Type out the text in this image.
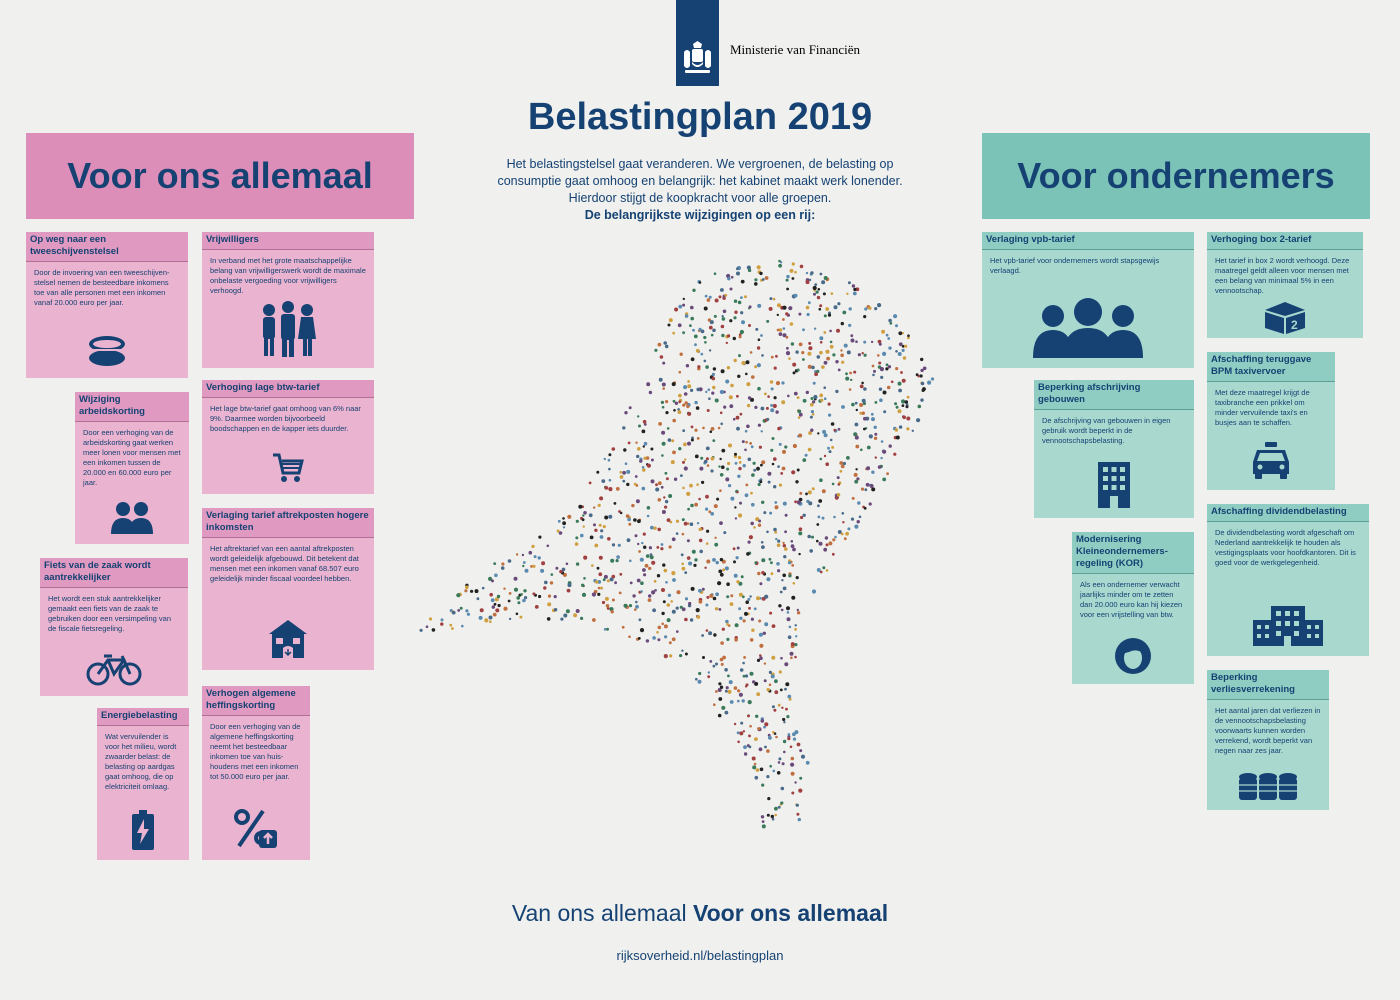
Ministerie van Financiën
Belastingplan 2019
Het belastingstelsel gaat veranderen. We vergroenen, de belasting op consumptie gaat omhoog en belangrijk: het kabinet maakt werk lonender. Hierdoor stijgt de koopkracht voor alle groepen.
De belangrijkste wijzigingen op een rij:
Voor ons allemaal	Voor ondernemers
Op weg naar een tweeschijvenstelsel
Door de invoering van een tweeschijven-stelsel nemen de besteedbare inkomens toe van alle personen met een inkomen vanaf 20.000 euro per jaar.
Vrijwilligers
In verband met het grote maatschappelijke belang van vrijwilligerswerk wordt de maximale onbelaste vergoeding voor vrijwilligers verhoogd.
Wijziging arbeidskorting
Door een verhoging van de arbeidskorting gaat werken meer lonen voor mensen met een inkomen tussen de 20.000 en 60.000 euro per jaar.
Verhoging lage btw-tarief
Het lage btw-tarief gaat omhoog van 6% naar 9%. Daarmee worden bijvoorbeeld boodschappen en de kapper iets duurder.
Verlaging tarief aftrekposten hogere inkomsten
Het aftrektarief van een aantal aftrekposten wordt geleidelijk afgebouwd. Dit betekent dat mensen met een inkomen vanaf 68.507 euro geleidelijk minder fiscaal voordeel hebben.
Fiets van de zaak wordt aantrekkelijker
Het wordt een stuk aantrekkelijker gemaakt een fiets van de zaak te gebruiken door een versimpeling van de fiscale fietsregeling.
Energiebelasting
Wat vervuilender is voor het milieu, wordt zwaarder belast: de belasting op aardgas gaat omhoog, die op elektriciteit omlaag.
Verhogen algemene heffingskorting
Door een verhoging van de algemene heffingskorting neemt het besteedbaar inkomen toe van huis-houdens met een inkomen tot 50.000 euro per jaar.
Verlaging vpb-tarief
Het vpb-tarief voor ondernemers wordt stapsgewijs verlaagd.
Verhoging box 2-tarief
Het tarief in box 2 wordt verhoogd. Deze maatregel geldt alleen voor mensen met een belang van minimaal 5% in een vennootschap.
2
Afschaffing teruggave BPM taxivervoer
Met deze maatregel krijgt de taxibranche een prikkel om minder vervuilende taxi's en busjes aan te schaffen.
Beperking afschrijving gebouwen
De afschrijving van gebouwen in eigen gebruik wordt beperkt in de vennootschapsbelasting.
Afschaffing dividendbelasting
De dividendbelasting wordt afgeschaft om Nederland aantrekkelijk te houden als vestigingsplaats voor hoofdkantoren. Dit is goed voor de werkgelegenheid.
Modernisering Kleineondernemers-regeling (KOR)
Als een ondernemer verwacht jaarlijks minder om te zetten dan 20.000 euro kan hij kiezen voor een vrijstelling van btw.
Beperking verliesverrekening
Het aantal jaren dat verliezen in de vennootschapsbelasting voorwaarts kunnen worden verrekend, wordt beperkt van negen naar zes jaar.
Van ons allemaal Voor ons allemaal
rijksoverheid.nl/belastingplan
